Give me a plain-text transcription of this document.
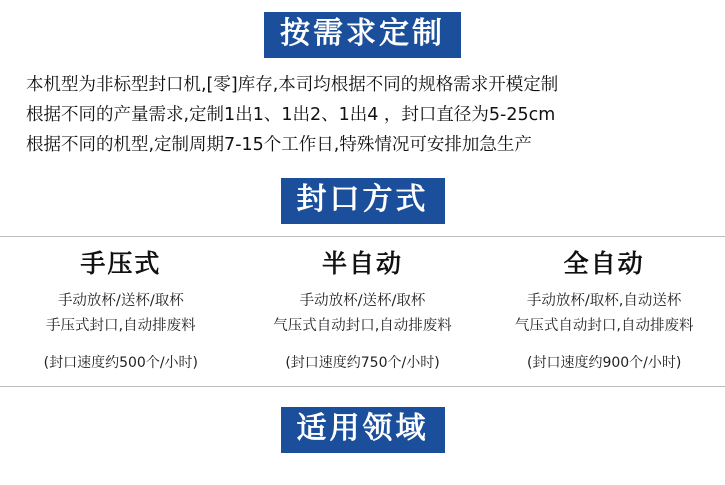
按需求定制
本机型为非标型封口机,[零]库存,本司均根据不同的规格需求开模定制
根据不同的产量需求,定制1出1、1出2、1出4 ，封口直径为5-25cm
根据不同的机型,定制周期7-15个工作日,特殊情况可安排加急生产
封口方式
手压式
手动放杯/送杯/取杯
手压式封口,自动排废料
(封口速度约500个/小时)
半自动
手动放杯/送杯/取杯
气压式自动封口,自动排废料
(封口速度约750个/小时)
全自动
手动放杯/取杯,自动送杯
气压式自动封口,自动排废料
(封口速度约900个/小时)
适用领域
